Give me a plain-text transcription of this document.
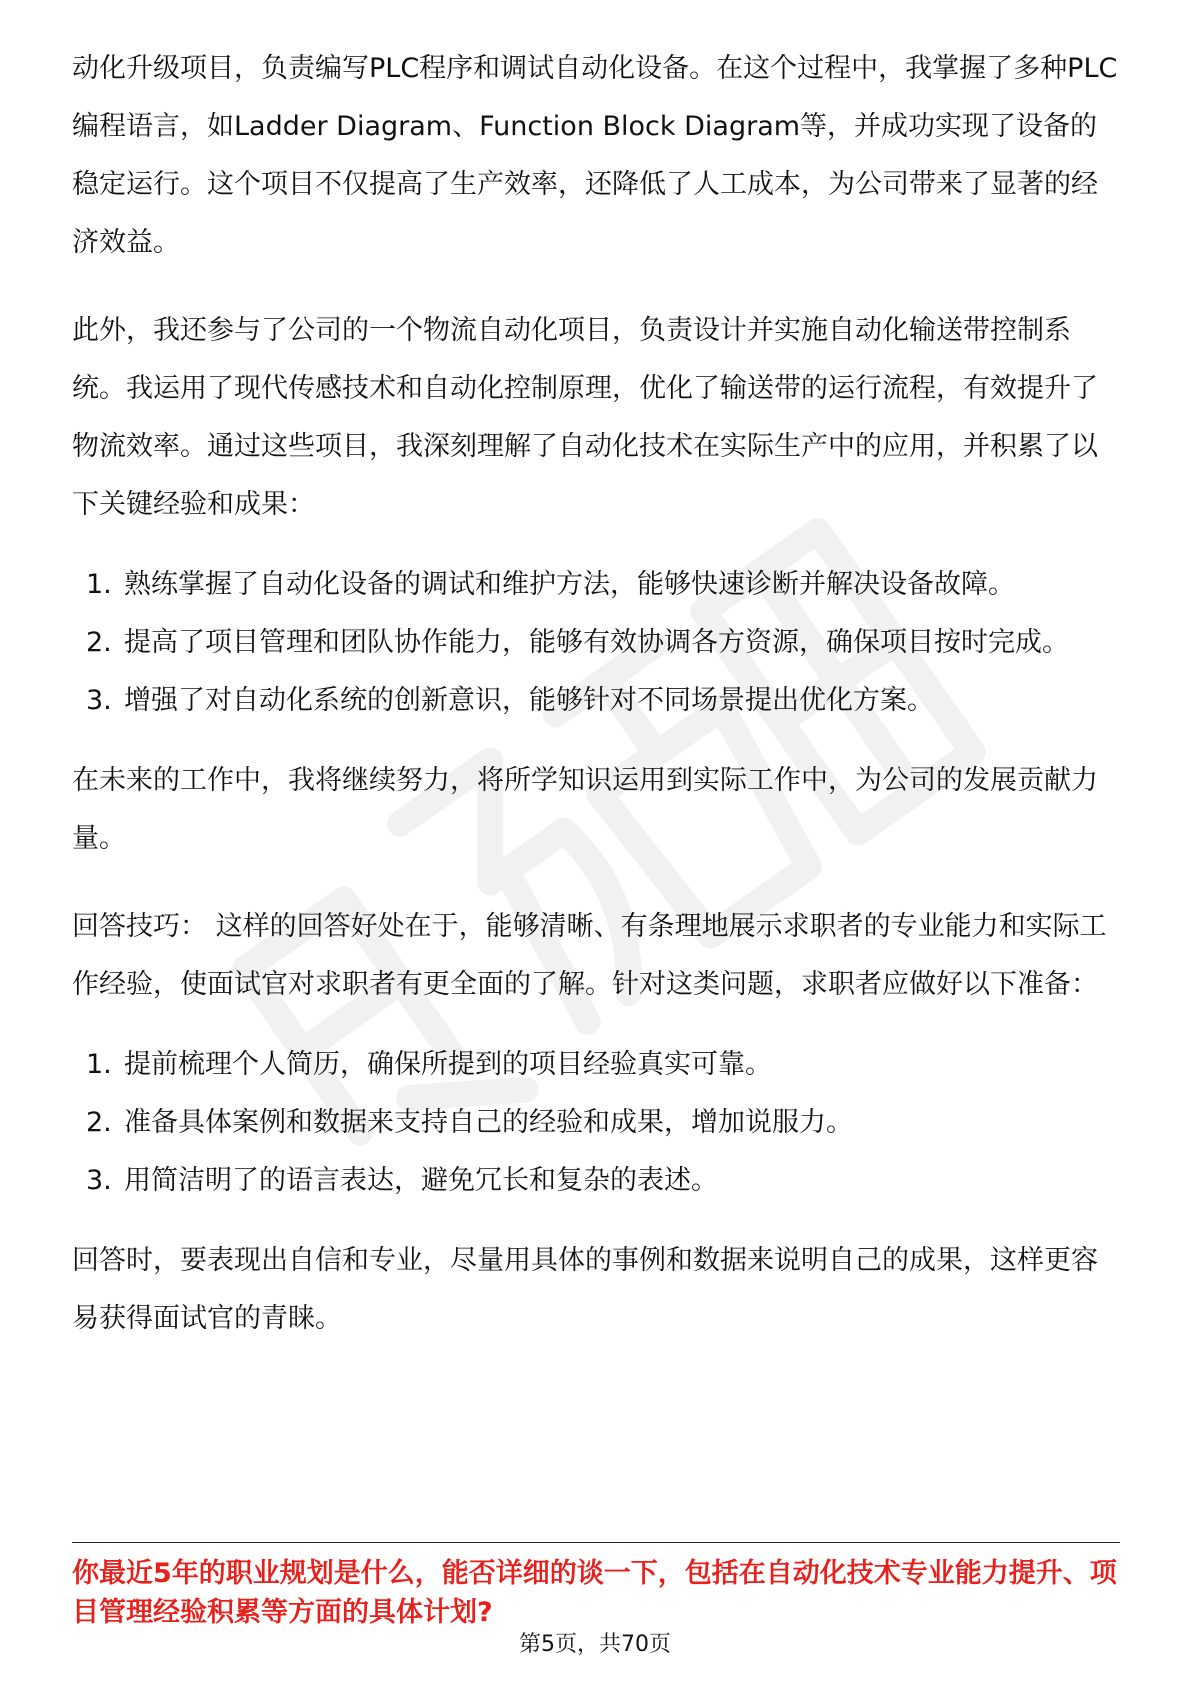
动化升级项目，负责编写PLC程序和调试自动化设备。在这个过程中，我掌握了多种PLC编程语言，如Ladder Diagram、Function Block Diagram等，并成功实现了设备的稳定运行。这个项目不仅提高了生产效率，还降低了人工成本，为公司带来了显著的经济效益。

此外，我还参与了公司的一个物流自动化项目，负责设计并实施自动化输送带控制系统。我运用了现代传感技术和自动化控制原理，优化了输送带的运行流程，有效提升了物流效率。通过这些项目，我深刻理解了自动化技术在实际生产中的应用，并积累了以下关键经验和成果：

1. 熟练掌握了自动化设备的调试和维护方法，能够快速诊断并解决设备故障。
2. 提高了项目管理和团队协作能力，能够有效协调各方资源，确保项目按时完成。
3. 增强了对自动化系统的创新意识，能够针对不同场景提出优化方案。

在未来的工作中，我将继续努力，将所学知识运用到实际工作中，为公司的发展贡献力量。

回答技巧： 这样的回答好处在于，能够清晰、有条理地展示求职者的专业能力和实际工作经验，使面试官对求职者有更全面的了解。针对这类问题，求职者应做好以下准备：

1. 提前梳理个人简历，确保所提到的项目经验真实可靠。
2. 准备具体案例和数据来支持自己的经验和成果，增加说服力。
3. 用简洁明了的语言表达，避免冗长和复杂的表述。

回答时，要表现出自信和专业，尽量用具体的事例和数据来说明自己的成果，这样更容易获得面试官的青睐。

你最近5年的职业规划是什么，能否详细的谈一下，包括在自动化技术专业能力提升、项目管理经验积累等方面的具体计划?

第5页，共70页
